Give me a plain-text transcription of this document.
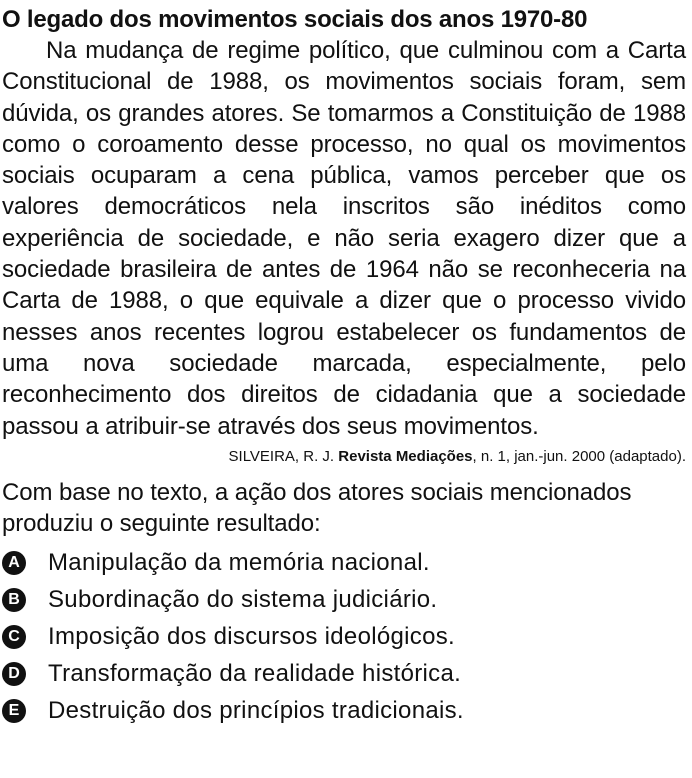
O legado dos movimentos sociais dos anos 1970-80

Na mudança de regime político, que culminou com a Carta Constitucional de 1988, os movimentos sociais foram, sem dúvida, os grandes atores. Se tomarmos a Constituição de 1988 como o coroamento desse processo, no qual os movimentos sociais ocuparam a cena pública, vamos perceber que os valores democráticos nela inscritos são inéditos como experiência de sociedade, e não seria exagero dizer que a sociedade brasileira de antes de 1964 não se reconheceria na Carta de 1988, o que equivale a dizer que o processo vivido nesses anos recentes logrou estabelecer os fundamentos de uma nova sociedade marcada, especialmente, pelo reconhecimento dos direitos de cidadania que a sociedade passou a atribuir-se através dos seus movimentos.

SILVEIRA, R. J. Revista Mediações, n. 1, jan.-jun. 2000 (adaptado).

Com base no texto, a ação dos atores sociais mencionados produziu o seguinte resultado:

A Manipulação da memória nacional.
B Subordinação do sistema judiciário.
C Imposição dos discursos ideológicos.
D Transformação da realidade histórica.
E Destruição dos princípios tradicionais.
